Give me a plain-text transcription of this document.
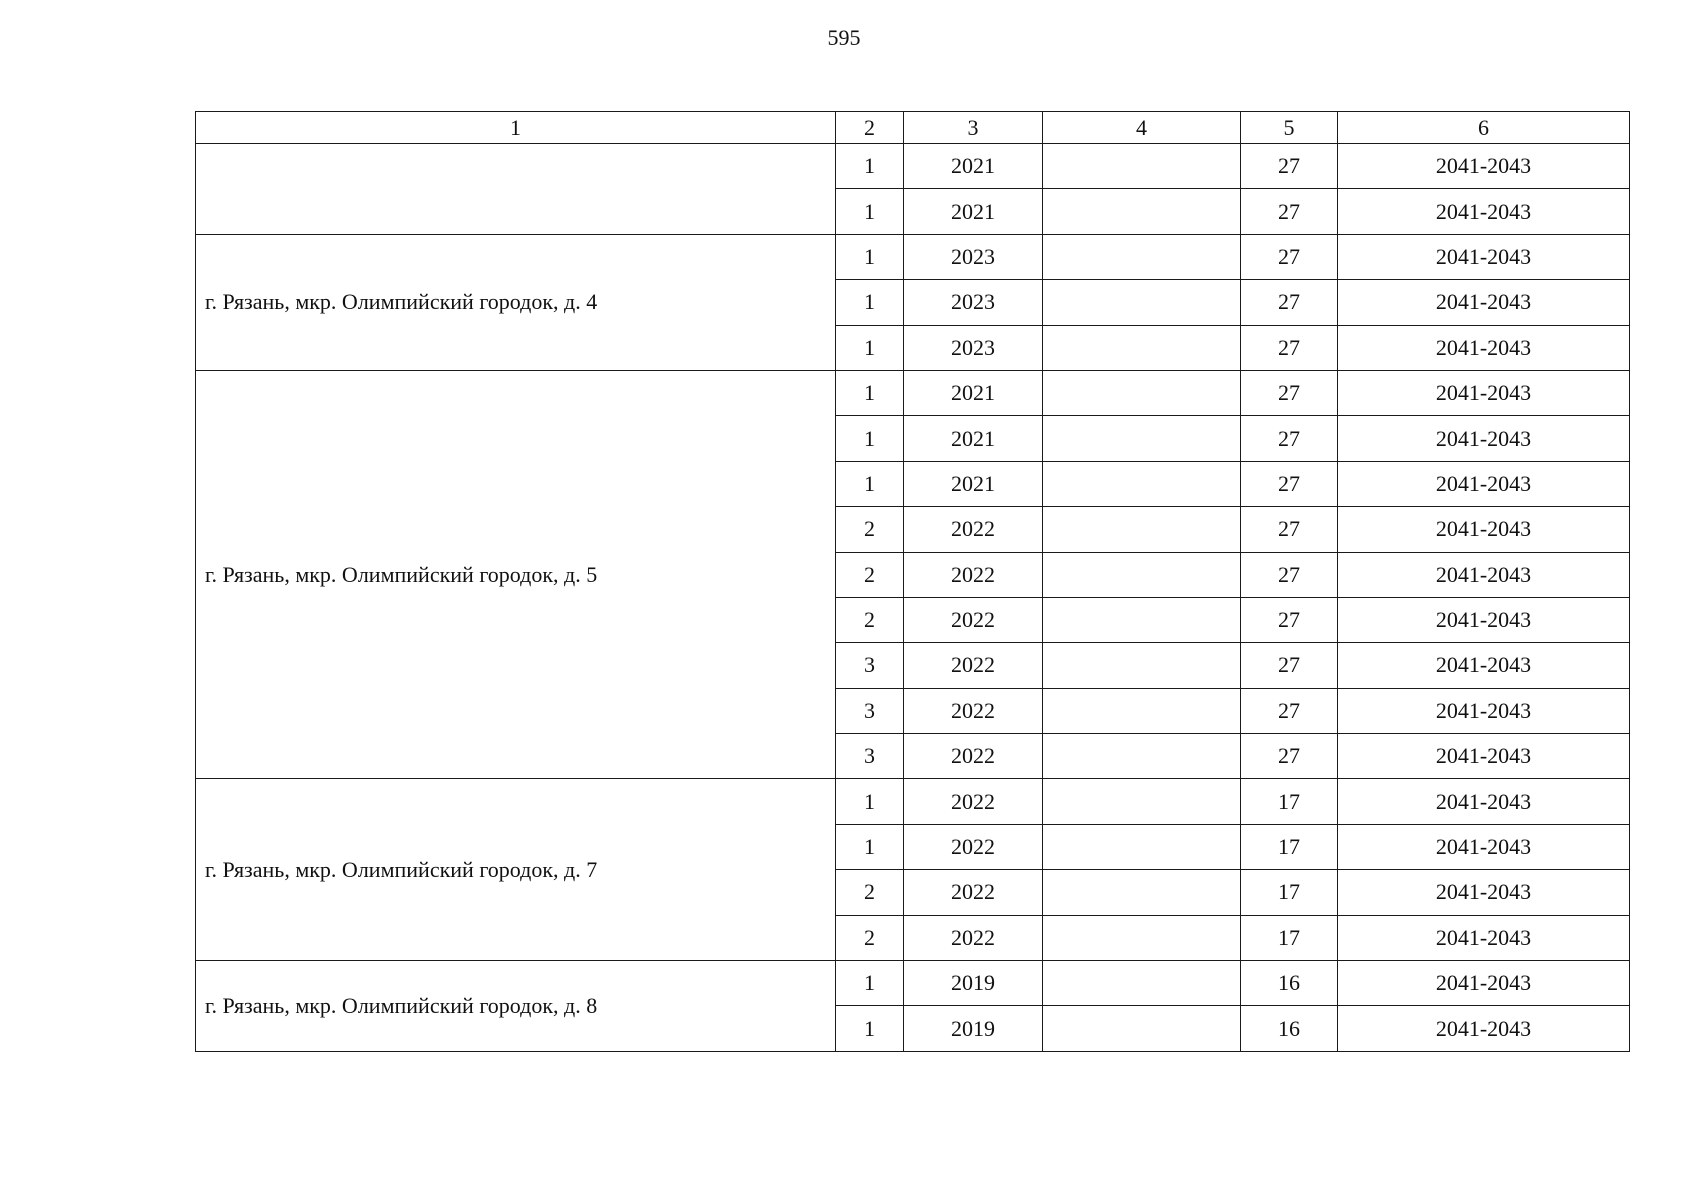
595
1	2	3	4	5	6
	1	2021		27	2041-2043
	1	2021		27	2041-2043
г. Рязань, мкр. Олимпийский городок, д. 4	1	2023		27	2041-2043
	1	2023		27	2041-2043
	1	2023		27	2041-2043
г. Рязань, мкр. Олимпийский городок, д. 5	1	2021		27	2041-2043
	1	2021		27	2041-2043
	1	2021		27	2041-2043
	2	2022		27	2041-2043
	2	2022		27	2041-2043
	2	2022		27	2041-2043
	3	2022		27	2041-2043
	3	2022		27	2041-2043
	3	2022		27	2041-2043
г. Рязань, мкр. Олимпийский городок, д. 7	1	2022		17	2041-2043
	1	2022		17	2041-2043
	2	2022		17	2041-2043
	2	2022		17	2041-2043
г. Рязань, мкр. Олимпийский городок, д. 8	1	2019		16	2041-2043
	1	2019		16	2041-2043
